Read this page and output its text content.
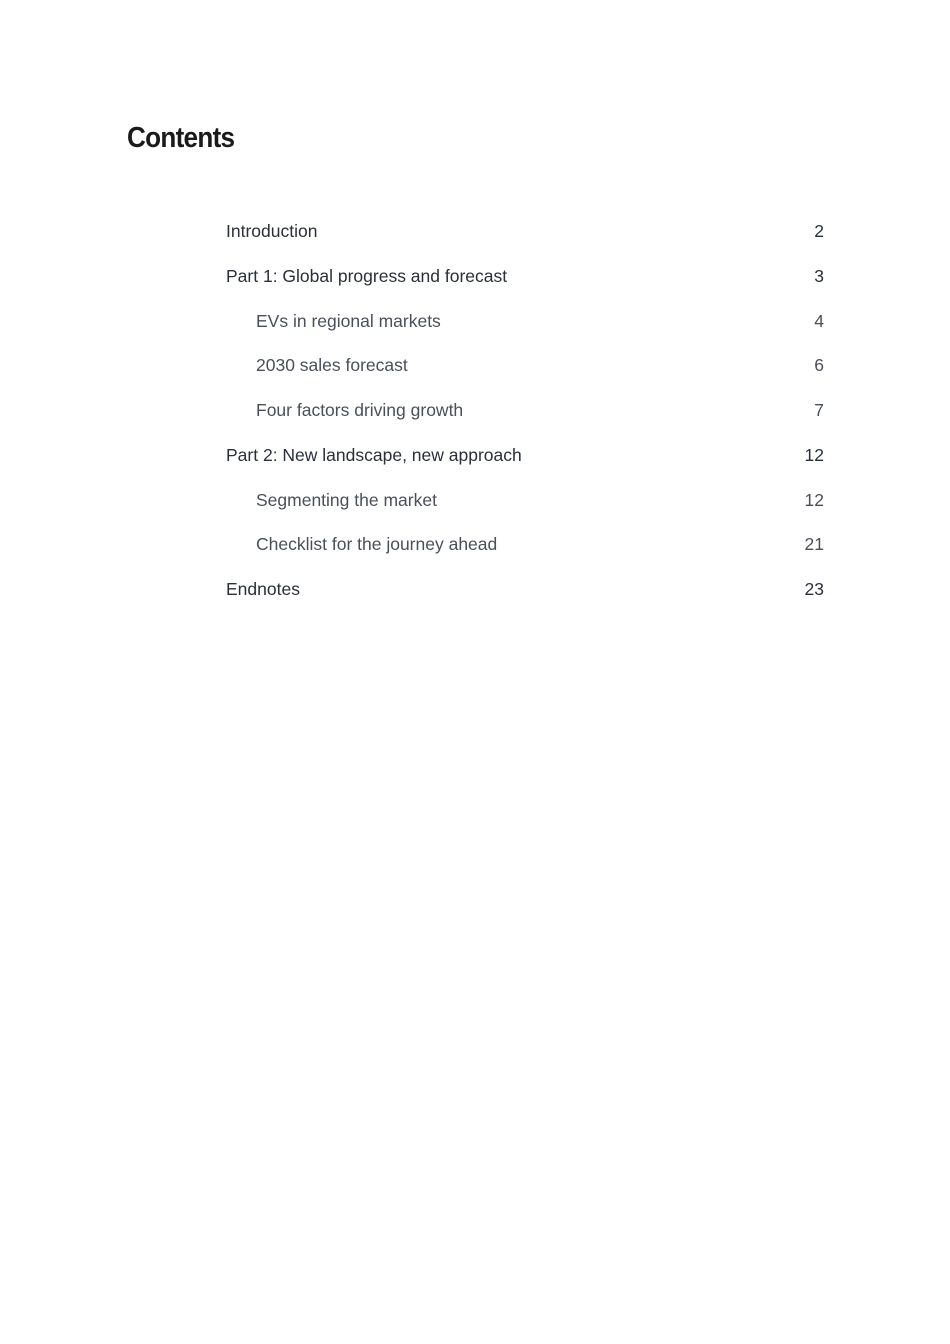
Contents
Introduction	2
Part 1: Global progress and forecast	3
EVs in regional markets	4
2030 sales forecast	6
Four factors driving growth	7
Part 2: New landscape, new approach	12
Segmenting the market	12
Checklist for the journey ahead	21
Endnotes	23
